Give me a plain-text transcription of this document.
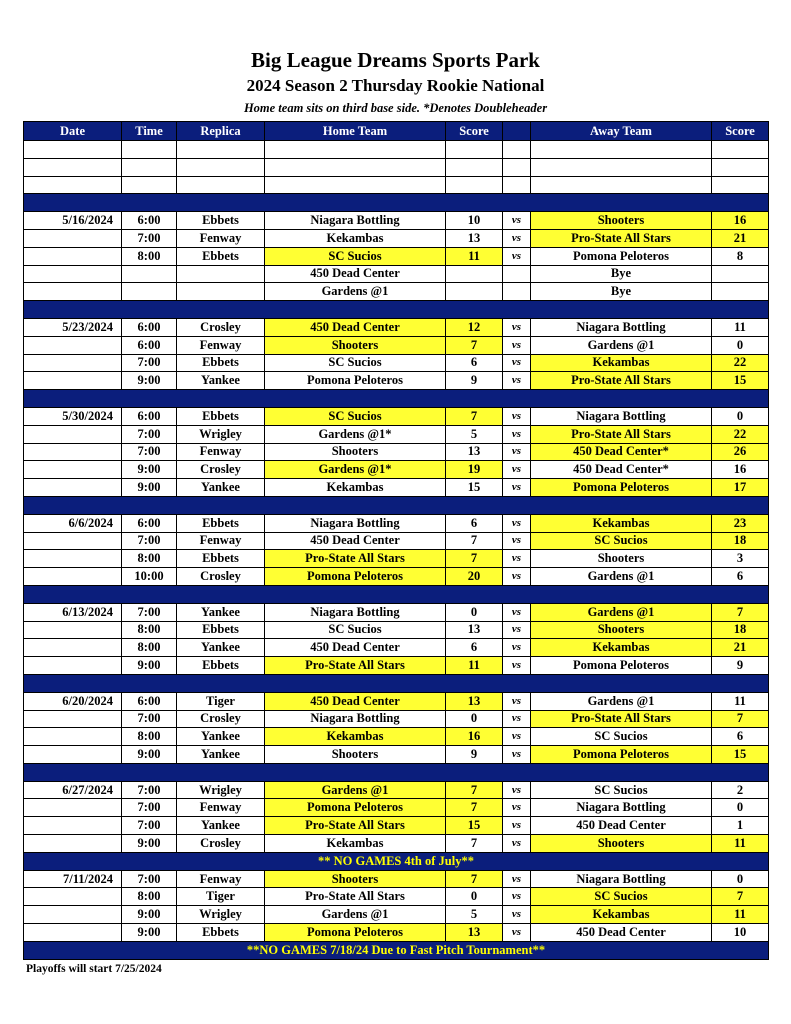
Big League Dreams Sports Park
2024 Season 2 Thursday Rookie National
Home team sits on third base side. *Denotes Doubleheader
Date	Time	Replica	Home Team	Score		Away Team	Score

5/16/2024	6:00	Ebbets	Niagara Bottling	10	vs	Shooters	16
	7:00	Fenway	Kekambas	13	vs	Pro-State All Stars	21
	8:00	Ebbets	SC Sucios	11	vs	Pomona Peloteros	8
			450 Dead Center			Bye	
			Gardens @1			Bye	

5/23/2024	6:00	Crosley	450 Dead Center	12	vs	Niagara Bottling	11
	6:00	Fenway	Shooters	7	vs	Gardens @1	0
	7:00	Ebbets	SC Sucios	6	vs	Kekambas	22
	9:00	Yankee	Pomona Peloteros	9	vs	Pro-State All Stars	15

5/30/2024	6:00	Ebbets	SC Sucios	7	vs	Niagara Bottling	0
	7:00	Wrigley	Gardens @1*	5	vs	Pro-State All Stars	22
	7:00	Fenway	Shooters	13	vs	450 Dead Center*	26
	9:00	Crosley	Gardens @1*	19	vs	450 Dead Center*	16
	9:00	Yankee	Kekambas	15	vs	Pomona Peloteros	17

6/6/2024	6:00	Ebbets	Niagara Bottling	6	vs	Kekambas	23
	7:00	Fenway	450 Dead Center	7	vs	SC Sucios	18
	8:00	Ebbets	Pro-State All Stars	7	vs	Shooters	3
	10:00	Crosley	Pomona Peloteros	20	vs	Gardens @1	6

6/13/2024	7:00	Yankee	Niagara Bottling	0	vs	Gardens @1	7
	8:00	Ebbets	SC Sucios	13	vs	Shooters	18
	8:00	Yankee	450 Dead Center	6	vs	Kekambas	21
	9:00	Ebbets	Pro-State All Stars	11	vs	Pomona Peloteros	9

6/20/2024	6:00	Tiger	450 Dead Center	13	vs	Gardens @1	11
	7:00	Crosley	Niagara Bottling	0	vs	Pro-State All Stars	7
	8:00	Yankee	Kekambas	16	vs	SC Sucios	6
	9:00	Yankee	Shooters	9	vs	Pomona Peloteros	15

6/27/2024	7:00	Wrigley	Gardens @1	7	vs	SC Sucios	2
	7:00	Fenway	Pomona Peloteros	7	vs	Niagara Bottling	0
	7:00	Yankee	Pro-State All Stars	15	vs	450 Dead Center	1
	9:00	Crosley	Kekambas	7	vs	Shooters	11
** NO GAMES 4th of July**							
7/11/2024	7:00	Fenway	Shooters	7	vs	Niagara Bottling	0
	8:00	Tiger	Pro-State All Stars	0	vs	SC Sucios	7
	9:00	Wrigley	Gardens @1	5	vs	Kekambas	11
	9:00	Ebbets	Pomona Peloteros	13	vs	450 Dead Center	10
**NO GAMES 7/18/24 Due to Fast Pitch Tournament**							
Playoffs will start 7/25/2024
